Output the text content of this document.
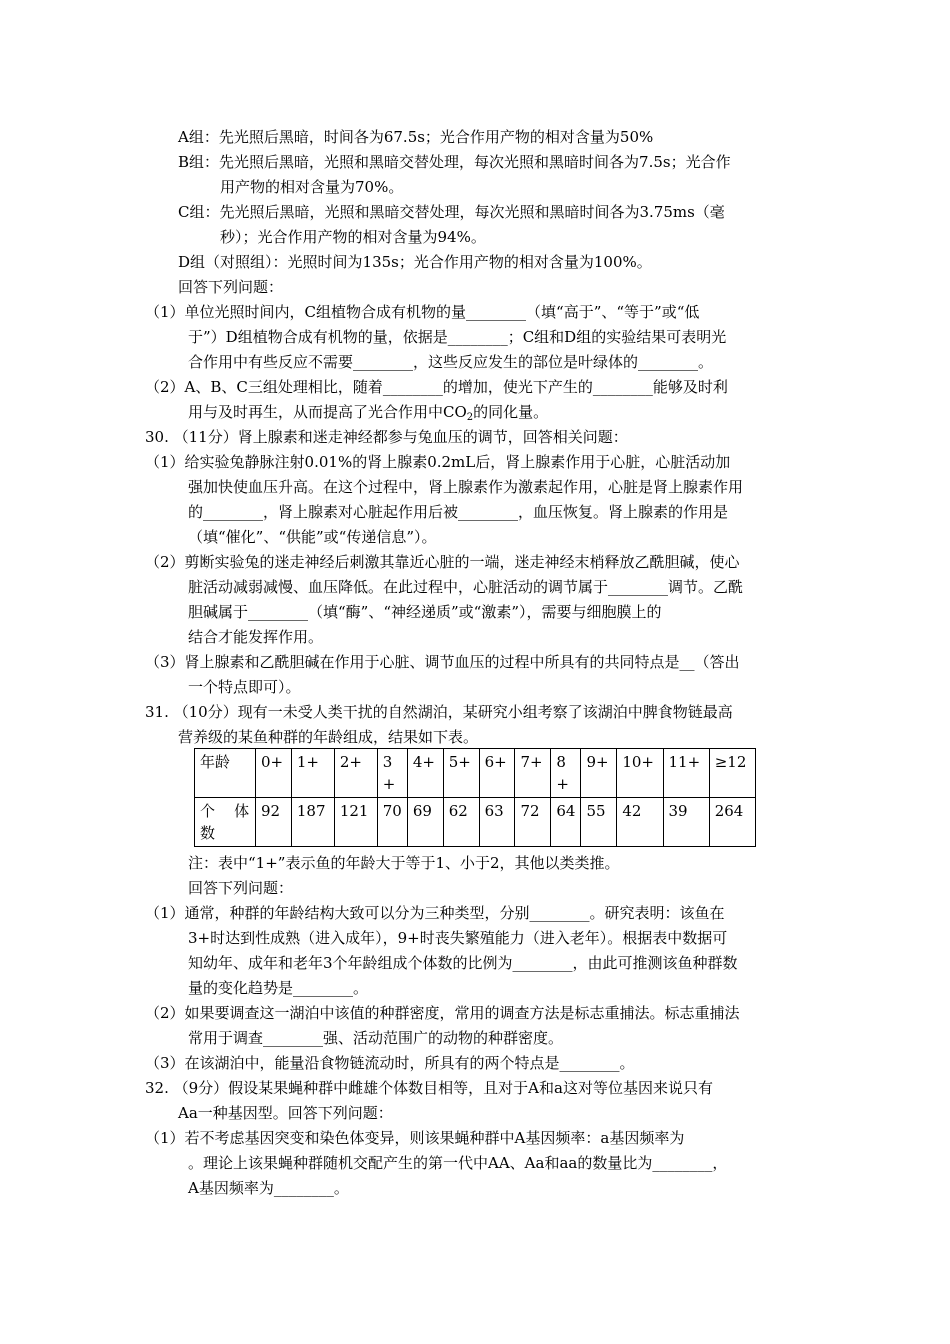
A组：先光照后黑暗，时间各为67.5s；光合作用产物的相对含量为50%
B组：先光照后黑暗，光照和黑暗交替处理，每次光照和黑暗时间各为7.5s；光合作
用产物的相对含量为70%。
C组：先光照后黑暗，光照和黑暗交替处理，每次光照和黑暗时间各为3.75ms（毫
秒）；光合作用产物的相对含量为94%。
D组（对照组）：光照时间为135s；光合作用产物的相对含量为100%。
回答下列问题：
（1）单位光照时间内，C组植物合成有机物的量________（填“高于”、“等于”或“低
于”）D组植物合成有机物的量，依据是________；C组和D组的实验结果可表明光
合作用中有些反应不需要________，这些反应发生的部位是叶绿体的________。
（2）A、B、C三组处理相比，随着________的增加，使光下产生的________能够及时利
用与及时再生，从而提高了光合作用中$CO_2$的同化量。
30. （11分）肾上腺素和迷走神经都参与兔血压的调节，回答相关问题：
（1）给实验兔静脉注射0.01%的肾上腺素0.2mL后，肾上腺素作用于心脏，心脏活动加
强加快使血压升高。在这个过程中，肾上腺素作为激素起作用，心脏是肾上腺素作用
的________，肾上腺素对心脏起作用后被________，血压恢复。肾上腺素的作用是
（填“催化”、“供能”或“传递信息”）。
（2）剪断实验兔的迷走神经后刺激其靠近心脏的一端，迷走神经末梢释放乙酰胆碱，使心
脏活动减弱减慢、血压降低。在此过程中，心脏活动的调节属于________调节。乙酰
胆碱属于________（填“酶”、“神经递质”或“激素”），需要与细胞膜上的
结合才能发挥作用。
（3）肾上腺素和乙酰胆碱在作用于心脏、调节血压的过程中所具有的共同特点是__（答出
一个特点即可）。
31. （10分）现有一未受人类干扰的自然湖泊，某研究小组考察了该湖泊中脾食物链最高
营养级的某鱼种群的年龄组成，结果如下表。
年龄	0+	1+	2+	3+	4+	5+	6+	7+	8+	9+	10+	11+	≥12
个    体
数	92	187	121	70	69	62	63	72	64	55	42	39	264
注：表中“1+”表示鱼的年龄大于等于1、小于2，其他以类类推。
回答下列问题：
（1）通常，种群的年龄结构大致可以分为三种类型，分别________。研究表明：该鱼在
3+时达到性成熟（进入成年），9+时丧失繁殖能力（进入老年）。根据表中数据可
知幼年、成年和老年3个年龄组成个体数的比例为________，由此可推测该鱼种群数
量的变化趋势是________。
（2）如果要调查这一湖泊中该值的种群密度，常用的调查方法是标志重捕法。标志重捕法
常用于调查________强、活动范围广的动物的种群密度。
（3）在该湖泊中，能量沿食物链流动时，所具有的两个特点是________。
32. （9分）假设某果蝇种群中雌雄个体数目相等，且对于A和a这对等位基因来说只有
Aa一种基因型。回答下列问题：
（1）若不考虑基因突变和染色体变异，则该果蝇种群中A基因频率：a基因频率为
。理论上该果蝇种群随机交配产生的第一代中AA、Aa和aa的数量比为________，
A基因频率为________。
